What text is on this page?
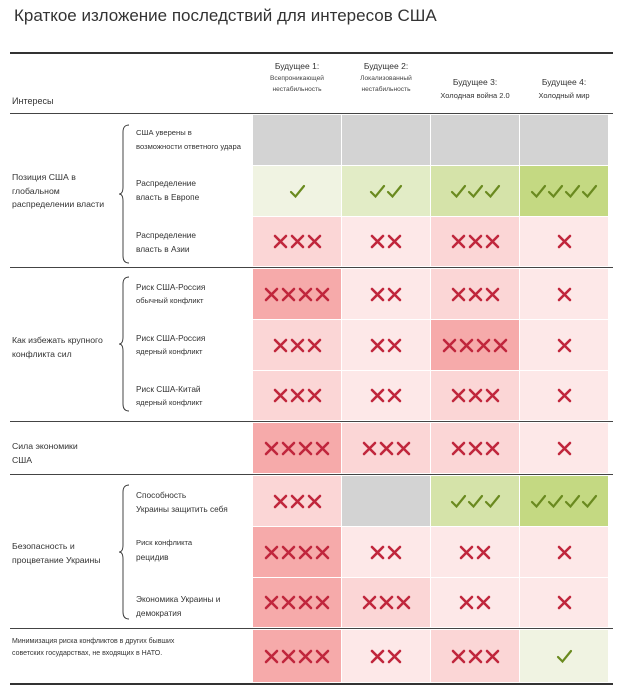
Краткое изложение последствий для интересов США
Интересы
Будущее 1:
Всепроникающей
нестабильность
Будущее 2:
Локализованный
нестабильность
Будущее 3:
Холодная война 2.0
Будущее 4:
Холодный мир
Позиция США в глобальном распределении власти
Как избежать крупного конфликта сил
Сила экономики США
Безопасность и процветание Украины
Минимизация риска конфликтов в других бывших советских государствах, не входящих в НАТО.
США уверены в
возможности ответного удара
Распределение
власть в Европе
Распределение
власть в Азии
Риск США-Россия
обычный конфликт
Риск США-Россия
ядерный конфликт
Риск США-Китай
ядерный конфликт
Способность
Украины защитить себя
Риск конфликта
рецидив
Экономика Украины и
демократия
